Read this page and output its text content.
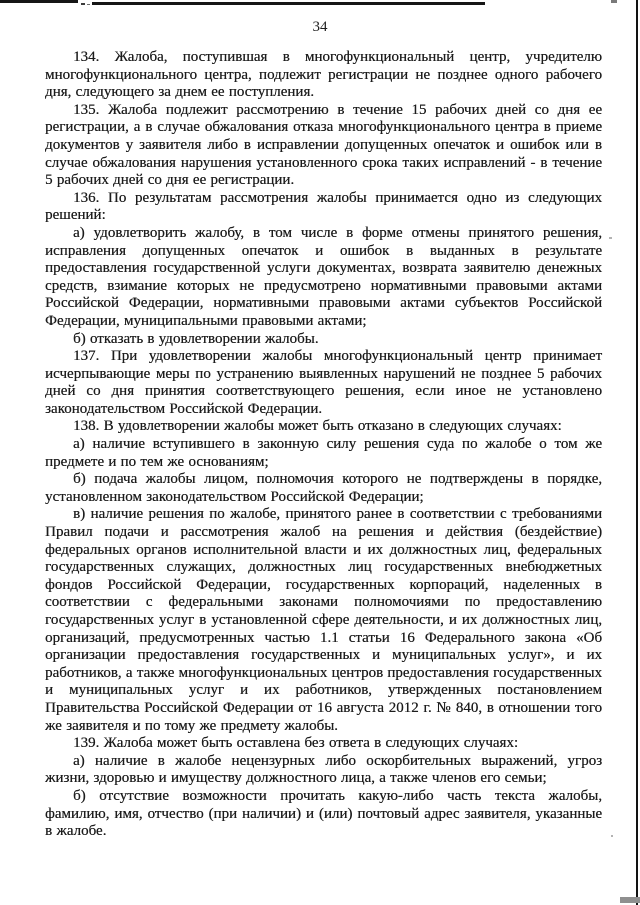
34

134. Жалоба, поступившая в многофункциональный центр, учредителю многофункционального центра, подлежит регистрации не позднее одного рабочего дня, следующего за днем ее поступления.

135. Жалоба подлежит рассмотрению в течение 15 рабочих дней со дня ее регистрации, а в случае обжалования отказа многофункционального центра в приеме документов у заявителя либо в исправлении допущенных опечаток и ошибок или в случае обжалования нарушения установленного срока таких исправлений - в течение 5 рабочих дней со дня ее регистрации.

136. По результатам рассмотрения жалобы принимается одно из следующих решений:

а) удовлетворить жалобу, в том числе в форме отмены принятого решения, исправления допущенных опечаток и ошибок в выданных в результате предоставления государственной услуги документах, возврата заявителю денежных средств, взимание которых не предусмотрено нормативными правовыми актами Российской Федерации, нормативными правовыми актами субъектов Российской Федерации, муниципальными правовыми актами;

б) отказать в удовлетворении жалобы.

137. При удовлетворении жалобы многофункциональный центр принимает исчерпывающие меры по устранению выявленных нарушений не позднее 5 рабочих дней со дня принятия соответствующего решения, если иное не установлено законодательством Российской Федерации.

138. В удовлетворении жалобы может быть отказано в следующих случаях:

а) наличие вступившего в законную силу решения суда по жалобе о том же предмете и по тем же основаниям;

б) подача жалобы лицом, полномочия которого не подтверждены в порядке, установленном законодательством Российской Федерации;

в) наличие решения по жалобе, принятого ранее в соответствии с требованиями Правил подачи и рассмотрения жалоб на решения и действия (бездействие) федеральных органов исполнительной власти и их должностных лиц, федеральных государственных служащих, должностных лиц государственных внебюджетных фондов Российской Федерации, государственных корпораций, наделенных в соответствии с федеральными законами полномочиями по предоставлению государственных услуг в установленной сфере деятельности, и их должностных лиц, организаций, предусмотренных частью 1.1 статьи 16 Федерального закона «Об организации предоставления государственных и муниципальных услуг», и их работников, а также многофункциональных центров предоставления государственных и муниципальных услуг и их работников, утвержденных постановлением Правительства Российской Федерации от 16 августа 2012 г. № 840, в отношении того же заявителя и по тому же предмету жалобы.

139. Жалоба может быть оставлена без ответа в следующих случаях:

а) наличие в жалобе нецензурных либо оскорбительных выражений, угроз жизни, здоровью и имуществу должностного лица, а также членов его семьи;

б) отсутствие возможности прочитать какую-либо часть текста жалобы, фамилию, имя, отчество (при наличии) и (или) почтовый адрес заявителя, указанные в жалобе.
